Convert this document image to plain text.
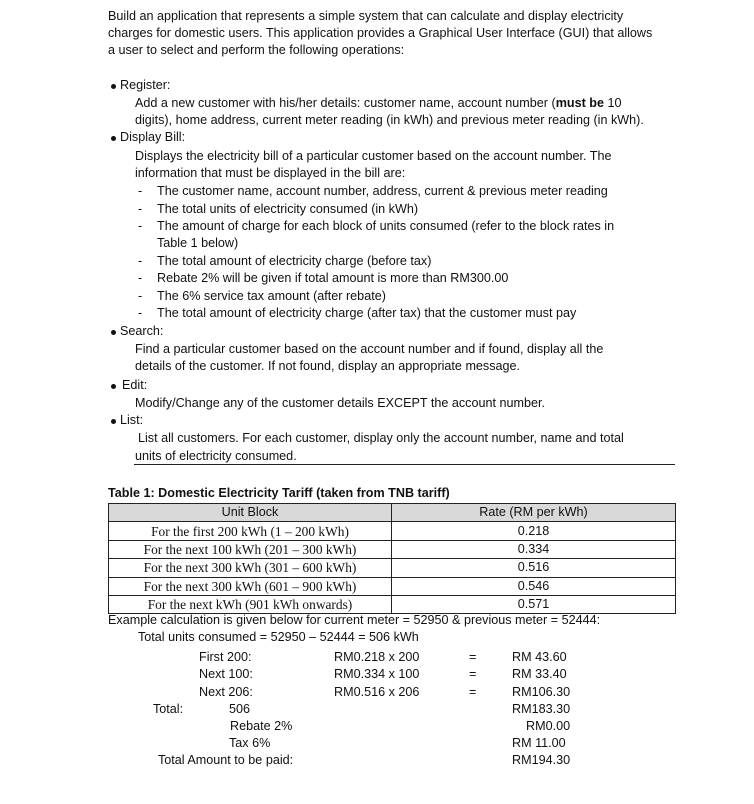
Build an application that represents a simple system that can calculate and display electricity
charges for domestic users. This application provides a Graphical User Interface (GUI) that allows
a user to select and perform the following operations:
Register:
Add a new customer with his/her details: customer name, account number (must be 10
digits), home address, current meter reading (in kWh) and previous meter reading (in kWh).
Display Bill:
Displays the electricity bill of a particular customer based on the account number. The
information that must be displayed in the bill are:
- The customer name, account number, address, current & previous meter reading
- The total units of electricity consumed (in kWh)
- The amount of charge for each block of units consumed (refer to the block rates in
Table 1 below)
- The total amount of electricity charge (before tax)
- Rebate 2% will be given if total amount is more than RM300.00
- The 6% service tax amount (after rebate)
- The total amount of electricity charge (after tax) that the customer must pay
Search:
Find a particular customer based on the account number and if found, display all the
details of the customer. If not found, display an appropriate message.
Edit:
Modify/Change any of the customer details EXCEPT the account number.
List:
List all customers. For each customer, display only the account number, name and total
units of electricity consumed.
Table 1: Domestic Electricity Tariff (taken from TNB tariff)
Unit Block	Rate (RM per kWh)
For the first 200 kWh (1 – 200 kWh)	0.218
For the next 100 kWh (201 – 300 kWh)	0.334
For the next 300 kWh (301 – 600 kWh)	0.516
For the next 300 kWh (601 – 900 kWh)	0.546
For the next kWh (901 kWh onwards)	0.571
Example calculation is given below for current meter = 52950 & previous meter = 52444:
Total units consumed = 52950 – 52444 = 506 kWh
First 200:	RM0.218 x 200	=	RM 43.60
Next 100:	RM0.334 x 100	=	RM 33.40
Next 206:	RM0.516 x 206	=	RM106.30
Total:	506	RM183.30
Rebate 2%	RM0.00
Tax 6%	RM 11.00
Total Amount to be paid:	RM194.30
